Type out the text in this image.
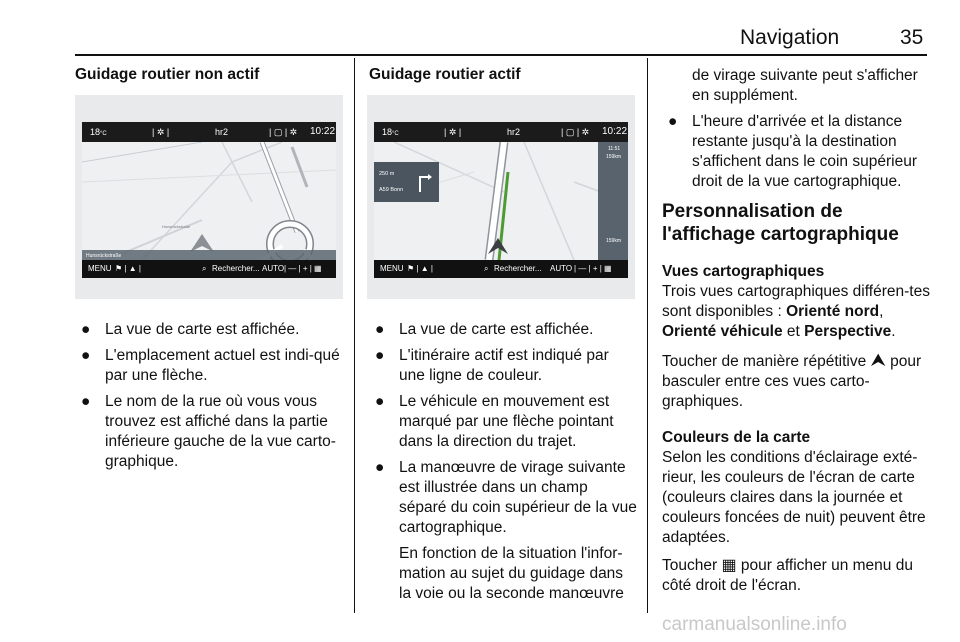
Navigation	35
Guidage routier non actif
18°C	| ✲ |	hr2	| ▢ | ✲ 10:22
Hunsrückstraße
Hunsrückstraße
MENU ⚑ | ▲ |	⌕ Rechercher... AUTO | — | + | ▦
● La vue de carte est affichée.
● L'emplacement actuel est indi-qué par une flèche.
● Le nom de la rue où vous vous trouvez est affiché dans la partie inférieure gauche de la vue carto-graphique.
Guidage routier actif
18°C	| ✲ |	hr2	| ▢ | ✲ 10:22
250 m
A59 Bonn
11:51
159km
159km
MENU ⚑ | ▲ |	⌕ Rechercher... AUTO | — | + | ▦
● La vue de carte est affichée.
● L'itinéraire actif est indiqué par une ligne de couleur.
● Le véhicule en mouvement est marqué par une flèche pointant dans la direction du trajet.
● La manœuvre de virage suivante est illustrée dans un champ séparé du coin supérieur de la vue cartographique.

En fonction de la situation l'infor-mation au sujet du guidage dans la voie ou la seconde manœuvre

de virage suivante peut s'afficher en supplément.

● L'heure d'arrivée et la distance restante jusqu'à la destination s'affichent dans le coin supérieur droit de la vue cartographique.
Personnalisation de l'affichage cartographique

Vues cartographiques

Trois vues cartographiques différen-tes sont disponibles : Orienté nord, Orienté véhicule et Perspective.

Toucher de manière répétitive ⮝ pour basculer entre ces vues carto-graphiques.

Couleurs de la carte

Selon les conditions d'éclairage exté-rieur, les couleurs de l'écran de carte (couleurs claires dans la journée et couleurs foncées de nuit) peuvent être adaptées.

Toucher ▦ pour afficher un menu du côté droit de l'écran.

carmanualsonline.info
